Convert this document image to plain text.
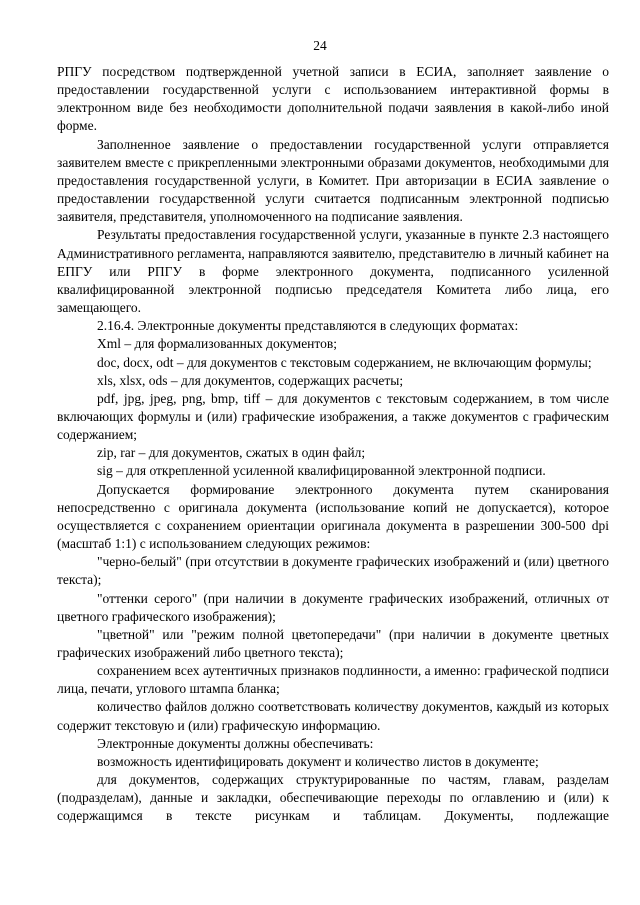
24

РПГУ посредством подтвержденной учетной записи в ЕСИА, заполняет заявление о предоставлении государственной услуги с использованием интерактивной формы в электронном виде без необходимости дополнительной подачи заявления в какой-либо иной форме.

Заполненное заявление о предоставлении государственной услуги отправляется заявителем вместе с прикрепленными электронными образами документов, необходимыми для предоставления государственной услуги, в Комитет. При авторизации в ЕСИА заявление о предоставлении государственной услуги считается подписанным электронной подписью заявителя, представителя, уполномоченного на подписание заявления.

Результаты предоставления государственной услуги, указанные в пункте 2.3 настоящего Административного регламента, направляются заявителю, представителю в личный кабинет на ЕПГУ или РПГУ в форме электронного документа, подписанного усиленной квалифицированной электронной подписью председателя Комитета либо лица, его замещающего.

2.16.4. Электронные документы представляются в следующих форматах:

Xml – для формализованных документов;

doc, docx, odt – для документов с текстовым содержанием, не включающим формулы;

xls, xlsx, ods – для документов, содержащих расчеты;

pdf, jpg, jpeg, png, bmp, tiff – для документов с текстовым содержанием, в том числе включающих формулы и (или) графические изображения, а также документов с графическим содержанием;

zip, rar – для документов, сжатых в один файл;

sig – для открепленной усиленной квалифицированной электронной подписи.

Допускается формирование электронного документа путем сканирования непосредственно с оригинала документа (использование копий не допускается), которое осуществляется с сохранением ориентации оригинала документа в разрешении 300-500 dpi (масштаб 1:1) с использованием следующих режимов:

"черно-белый" (при отсутствии в документе графических изображений и (или) цветного текста);

"оттенки серого" (при наличии в документе графических изображений, отличных от цветного графического изображения);

"цветной" или "режим полной цветопередачи" (при наличии в документе цветных графических изображений либо цветного текста);

сохранением всех аутентичных признаков подлинности, а именно: графической подписи лица, печати, углового штампа бланка;

количество файлов должно соответствовать количеству документов, каждый из которых содержит текстовую и (или) графическую информацию.

Электронные документы должны обеспечивать:

возможность идентифицировать документ и количество листов в документе;

для документов, содержащих структурированные по частям, главам, разделам (подразделам), данные и закладки, обеспечивающие переходы по оглавлению и (или) к содержащимся в тексте рисункам и таблицам. Документы, подлежащие
